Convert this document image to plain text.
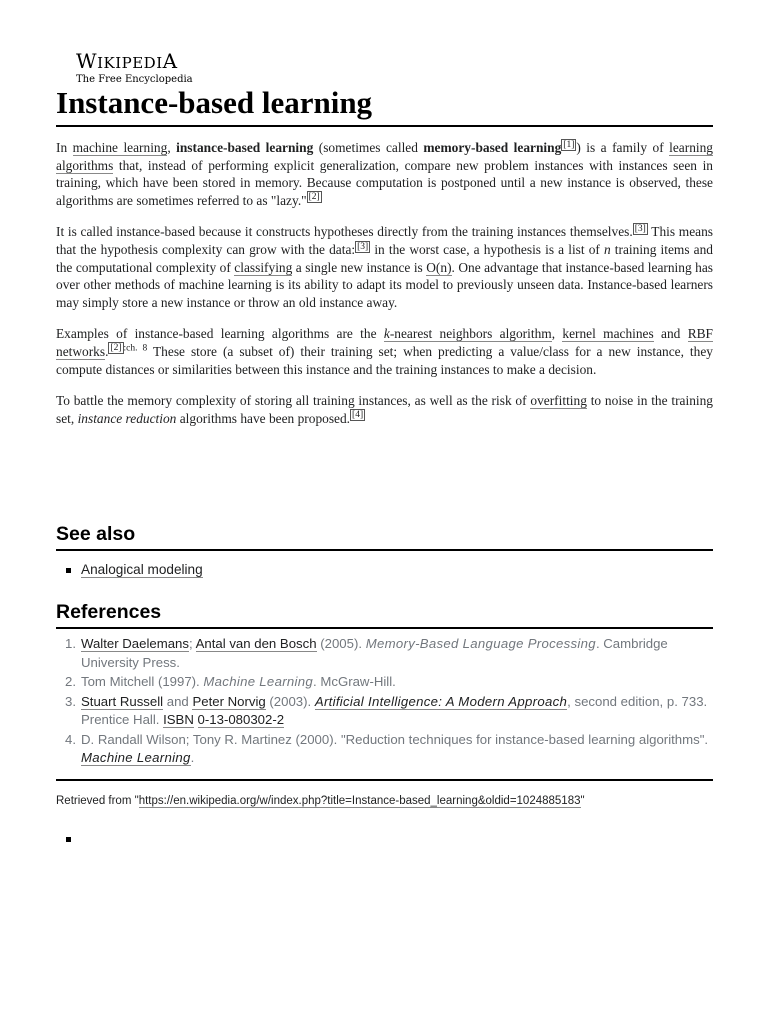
WIKIPEDIA
The Free Encyclopedia
Instance-based learning

In machine learning, instance-based learning (sometimes called memory-based learning [1] ) is a family of learning algorithms that, instead of performing explicit generalization, compare new problem instances with instances seen in training, which have been stored in memory. Because computation is postponed until a new instance is observed, these algorithms are sometimes referred to as "lazy." [2]

It is called instance-based because it constructs hypotheses directly from the training instances themselves. [3] This means that the hypothesis complexity can grow with the data: [3] in the worst case, a hypothesis is a list of n training items and the computational complexity of classifying a single new instance is O(n). One advantage that instance-based learning has over other methods of machine learning is its ability to adapt its model to previously unseen data. Instance-based learners may simply store a new instance or throw an old instance away.

Examples of instance-based learning algorithms are the k-nearest neighbors algorithm, kernel machines and RBF networks. $^{[2] :ch. 8}$ These store (a subset of) their training set; when predicting a value/class for a new instance, they compute distances or similarities between this instance and the training instances to make a decision.

To battle the memory complexity of storing all training instances, as well as the risk of overfitting to noise in the training set, instance reduction algorithms have been proposed. [4]

See also
Analogical modeling
References
1. Walter Daelemans; Antal van den Bosch (2005). Memory-Based Language Processing. Cambridge University Press.
2. Tom Mitchell (1997). Machine Learning. McGraw-Hill.
3. Stuart Russell and Peter Norvig (2003). Artificial Intelligence: A Modern Approach, second edition, p. 733. Prentice Hall. ISBN 0-13-080302-2
4. D. Randall Wilson; Tony R. Martinez (2000). "Reduction techniques for instance-based learning algorithms". Machine Learning.
Retrieved from "https://en.wikipedia.org/w/index.php?title=Instance-based_learning&oldid=1024885183"
